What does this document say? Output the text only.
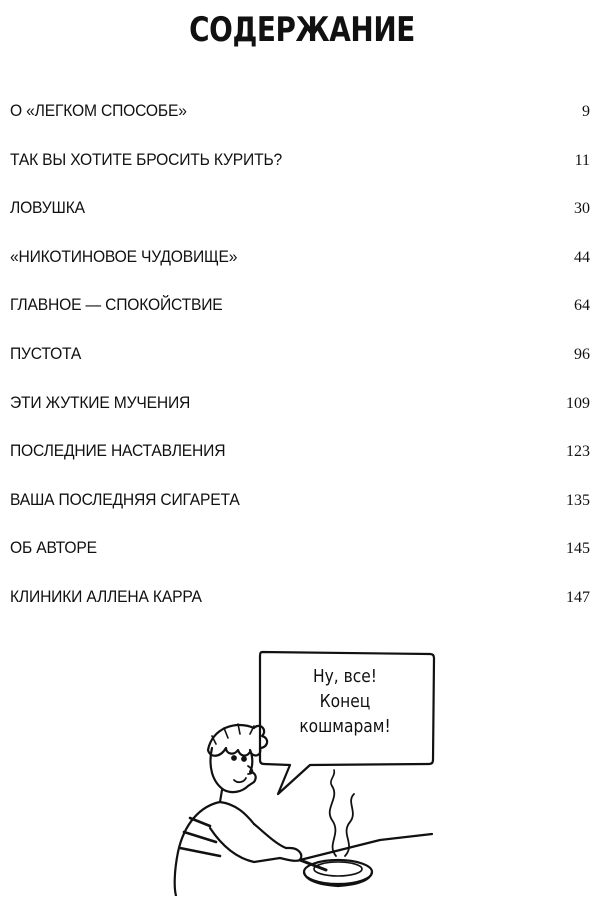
СОДЕРЖАНИЕ
О «ЛЕГКОМ СПОСОБЕ»	9
ТАК ВЫ ХОТИТЕ БРОСИТЬ КУРИТЬ?	11
ЛОВУШКА	30
«НИКОТИНОВОЕ ЧУДОВИЩЕ»	44
ГЛАВНОЕ — СПОКОЙСТВИЕ	64
ПУСТОТА	96
ЭТИ ЖУТКИЕ МУЧЕНИЯ	109
ПОСЛЕДНИЕ НАСТАВЛЕНИЯ	123
ВАША ПОСЛЕДНЯЯ СИГАРЕТА	135
ОБ АВТОРЕ	145
КЛИНИКИ АЛЛЕНА КАРРА	147
Ну, все!
Конец
кошмарам!
